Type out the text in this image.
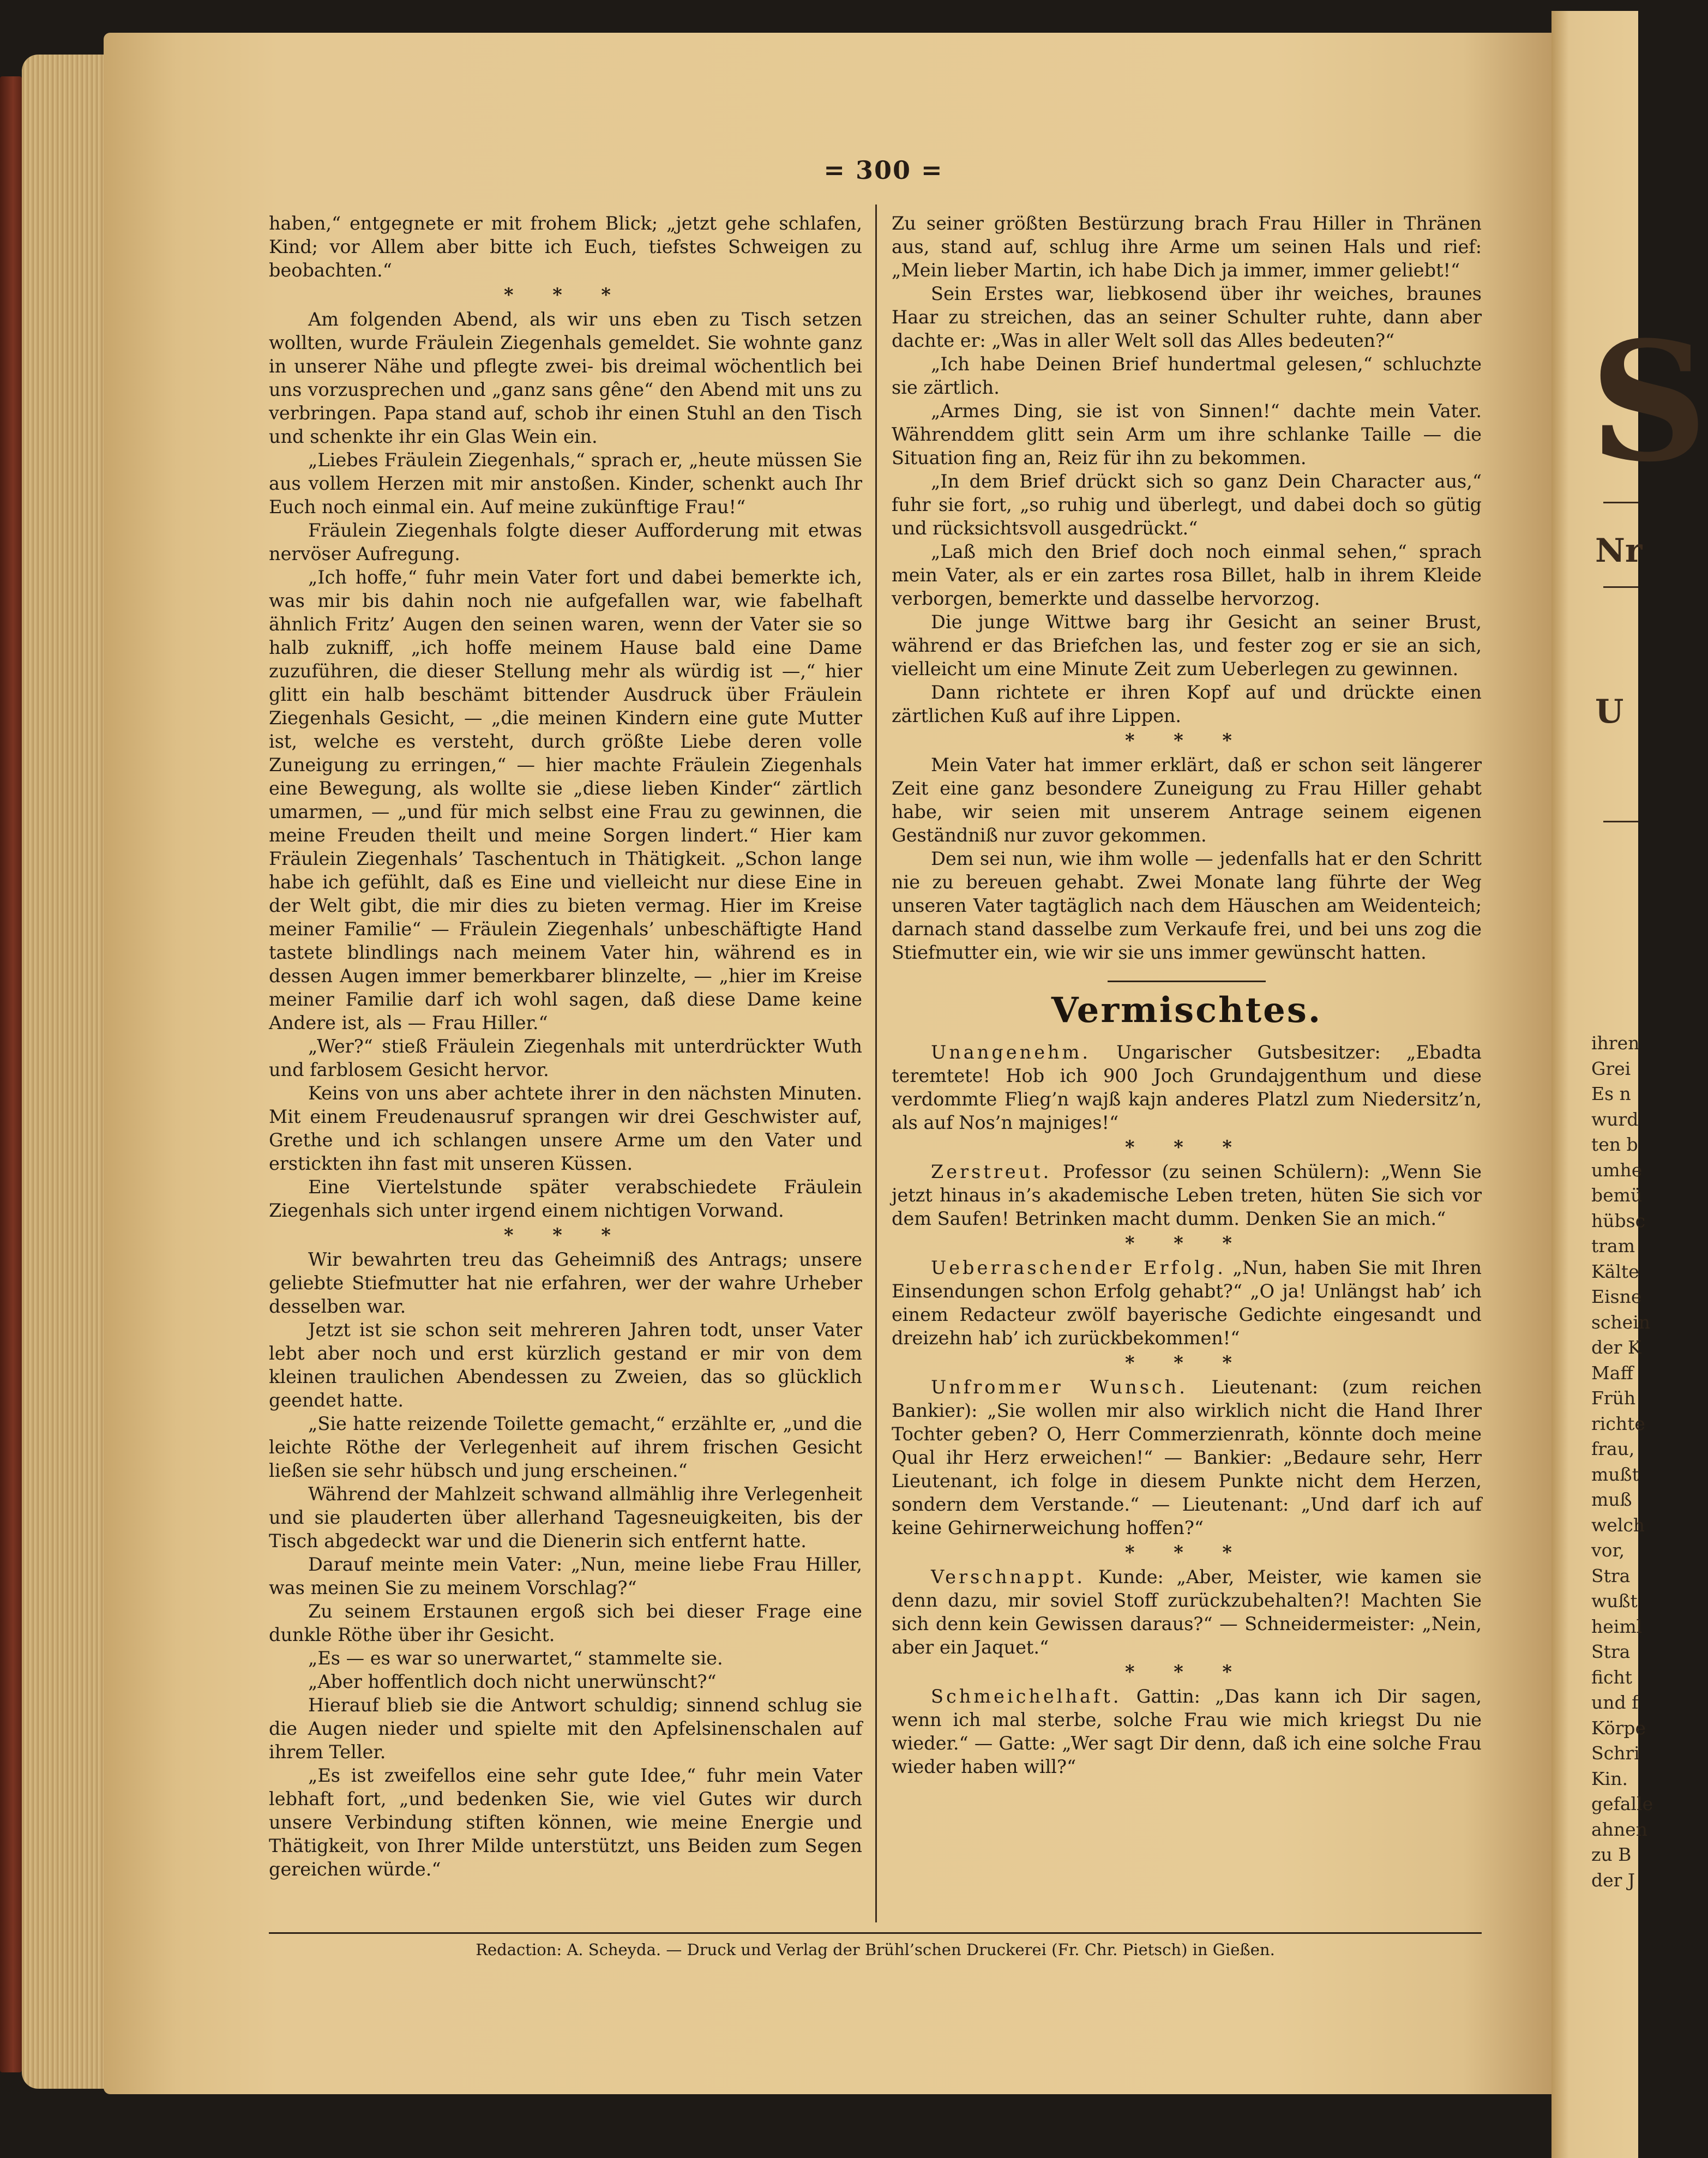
S
Nr
U
ihren
Grei
Es n
wurd
ten b
umhe
bemü
hübsc
tram
Kälte
Eisne
schein
der K
Maff
Früh
richte
frau,
mußt
muß
welch
vor,
Stra
wußt
heiml
Stra
ficht
und f
Körpe
Schri
Kin.
gefalle
ahnen
zu B
der J
= 300 =

haben,“ entgegnete er mit frohem Blick; „jetzt gehe schlafen, Kind; vor Allem aber bitte ich Euch, tiefstes Schweigen zu beobachten.“

* * *

Am folgenden Abend, als wir uns eben zu Tisch setzen wollten, wurde Fräulein Ziegenhals gemeldet. Sie wohnte ganz in unserer Nähe und pflegte zwei- bis dreimal wöchentlich bei uns vorzusprechen und „ganz sans gêne“ den Abend mit uns zu verbringen. Papa stand auf, schob ihr einen Stuhl an den Tisch und schenkte ihr ein Glas Wein ein.

„Liebes Fräulein Ziegenhals,“ sprach er, „heute müssen Sie aus vollem Herzen mit mir anstoßen. Kinder, schenkt auch Ihr Euch noch einmal ein. Auf meine zukünftige Frau!“

Fräulein Ziegenhals folgte dieser Aufforderung mit etwas nervöser Aufregung.

„Ich hoffe,“ fuhr mein Vater fort und dabei bemerkte ich, was mir bis dahin noch nie aufgefallen war, wie fabelhaft ähnlich Fritz’ Augen den seinen waren, wenn der Vater sie so halb zukniff, „ich hoffe meinem Hause bald eine Dame zuzuführen, die dieser Stellung mehr als würdig ist —,“ hier glitt ein halb beschämt bittender Ausdruck über Fräulein Ziegenhals Gesicht, — „die meinen Kindern eine gute Mutter ist, welche es versteht, durch größte Liebe deren volle Zuneigung zu erringen,“ — hier machte Fräulein Ziegenhals eine Bewegung, als wollte sie „diese lieben Kinder“ zärtlich umarmen, — „und für mich selbst eine Frau zu gewinnen, die meine Freuden theilt und meine Sorgen lindert.“ Hier kam Fräulein Ziegenhals’ Taschentuch in Thätigkeit. „Schon lange habe ich gefühlt, daß es Eine und vielleicht nur diese Eine in der Welt gibt, die mir dies zu bieten vermag. Hier im Kreise meiner Familie“ — Fräulein Ziegenhals’ unbeschäftigte Hand tastete blindlings nach meinem Vater hin, während es in dessen Augen immer bemerkbarer blinzelte, — „hier im Kreise meiner Familie darf ich wohl sagen, daß diese Dame keine Andere ist, als — Frau Hiller.“

„Wer?“ stieß Fräulein Ziegenhals mit unterdrückter Wuth und farblosem Gesicht hervor.

Keins von uns aber achtete ihrer in den nächsten Minuten. Mit einem Freudenausruf sprangen wir drei Geschwister auf, Grethe und ich schlangen unsere Arme um den Vater und erstickten ihn fast mit unseren Küssen.

Eine Viertelstunde später verabschiedete Fräulein Ziegenhals sich unter irgend einem nichtigen Vorwand.

* * *

Wir bewahrten treu das Geheimniß des Antrags; unsere geliebte Stiefmutter hat nie erfahren, wer der wahre Urheber desselben war.

Jetzt ist sie schon seit mehreren Jahren todt, unser Vater lebt aber noch und erst kürzlich gestand er mir von dem kleinen traulichen Abendessen zu Zweien, das so glücklich geendet hatte.

„Sie hatte reizende Toilette gemacht,“ erzählte er, „und die leichte Röthe der Verlegenheit auf ihrem frischen Gesicht ließen sie sehr hübsch und jung erscheinen.“

Während der Mahlzeit schwand allmählig ihre Verlegenheit und sie plauderten über allerhand Tagesneuigkeiten, bis der Tisch abgedeckt war und die Dienerin sich entfernt hatte.

Darauf meinte mein Vater: „Nun, meine liebe Frau Hiller, was meinen Sie zu meinem Vorschlag?“

Zu seinem Erstaunen ergoß sich bei dieser Frage eine dunkle Röthe über ihr Gesicht.

„Es — es war so unerwartet,“ stammelte sie.

„Aber hoffentlich doch nicht unerwünscht?“

Hierauf blieb sie die Antwort schuldig; sinnend schlug sie die Augen nieder und spielte mit den Apfelsinenschalen auf ihrem Teller.

„Es ist zweifellos eine sehr gute Idee,“ fuhr mein Vater lebhaft fort, „und bedenken Sie, wie viel Gutes wir durch unsere Verbindung stiften können, wie meine Energie und Thätigkeit, von Ihrer Milde unterstützt, uns Beiden zum Segen gereichen würde.“

Zu seiner größten Bestürzung brach Frau Hiller in Thränen aus, stand auf, schlug ihre Arme um seinen Hals und rief: „Mein lieber Martin, ich habe Dich ja immer, immer geliebt!“

Sein Erstes war, liebkosend über ihr weiches, braunes Haar zu streichen, das an seiner Schulter ruhte, dann aber dachte er: „Was in aller Welt soll das Alles bedeuten?“

„Ich habe Deinen Brief hundertmal gelesen,“ schluchzte sie zärtlich.

„Armes Ding, sie ist von Sinnen!“ dachte mein Vater. Währenddem glitt sein Arm um ihre schlanke Taille — die Situation fing an, Reiz für ihn zu bekommen.

„In dem Brief drückt sich so ganz Dein Character aus,“ fuhr sie fort, „so ruhig und überlegt, und dabei doch so gütig und rücksichtsvoll ausgedrückt.“

„Laß mich den Brief doch noch einmal sehen,“ sprach mein Vater, als er ein zartes rosa Billet, halb in ihrem Kleide verborgen, bemerkte und dasselbe hervorzog.

Die junge Wittwe barg ihr Gesicht an seiner Brust, während er das Briefchen las, und fester zog er sie an sich, vielleicht um eine Minute Zeit zum Ueberlegen zu gewinnen.

Dann richtete er ihren Kopf auf und drückte einen zärtlichen Kuß auf ihre Lippen.

* * *

Mein Vater hat immer erklärt, daß er schon seit längerer Zeit eine ganz besondere Zuneigung zu Frau Hiller gehabt habe, wir seien mit unserem Antrage seinem eigenen Geständniß nur zuvor gekommen.

Dem sei nun, wie ihm wolle — jedenfalls hat er den Schritt nie zu bereuen gehabt. Zwei Monate lang führte der Weg unseren Vater tagtäglich nach dem Häuschen am Weidenteich; darnach stand dasselbe zum Verkaufe frei, und bei uns zog die Stiefmutter ein, wie wir sie uns immer gewünscht hatten.

Vermischtes.

Unangenehm. Ungarischer Gutsbesitzer: „Ebadta teremtete! Hob ich 900 Joch Grundajgenthum und diese verdommte Flieg’n wajß kajn anderes Platzl zum Niedersitz’n, als auf Nos’n majniges!“

* * *

Zerstreut. Professor (zu seinen Schülern): „Wenn Sie jetzt hinaus in’s akademische Leben treten, hüten Sie sich vor dem Saufen! Betrinken macht dumm. Denken Sie an mich.“

* * *

Ueberraschender Erfolg. „Nun, haben Sie mit Ihren Einsendungen schon Erfolg gehabt?“ „O ja! Unlängst hab’ ich einem Redacteur zwölf bayerische Gedichte eingesandt und dreizehn hab’ ich zurückbekommen!“

* * *

Unfrommer Wunsch. Lieutenant: (zum reichen Bankier): „Sie wollen mir also wirklich nicht die Hand Ihrer Tochter geben? O, Herr Commerzienrath, könnte doch meine Qual ihr Herz erweichen!“ — Bankier: „Bedaure sehr, Herr Lieutenant, ich folge in diesem Punkte nicht dem Herzen, sondern dem Verstande.“ — Lieutenant: „Und darf ich auf keine Gehirnerweichung hoffen?“

* * *

Verschnappt. Kunde: „Aber, Meister, wie kamen sie denn dazu, mir soviel Stoff zurückzubehalten?! Machten Sie sich denn kein Gewissen daraus?“ — Schneidermeister: „Nein, aber ein Jaquet.“

* * *

Schmeichelhaft. Gattin: „Das kann ich Dir sagen, wenn ich mal sterbe, solche Frau wie mich kriegst Du nie wieder.“ — Gatte: „Wer sagt Dir denn, daß ich eine solche Frau wieder haben will?“

Redaction: A. Scheyda. — Druck und Verlag der Brühl’schen Druckerei (Fr. Chr. Pietsch) in Gießen.
